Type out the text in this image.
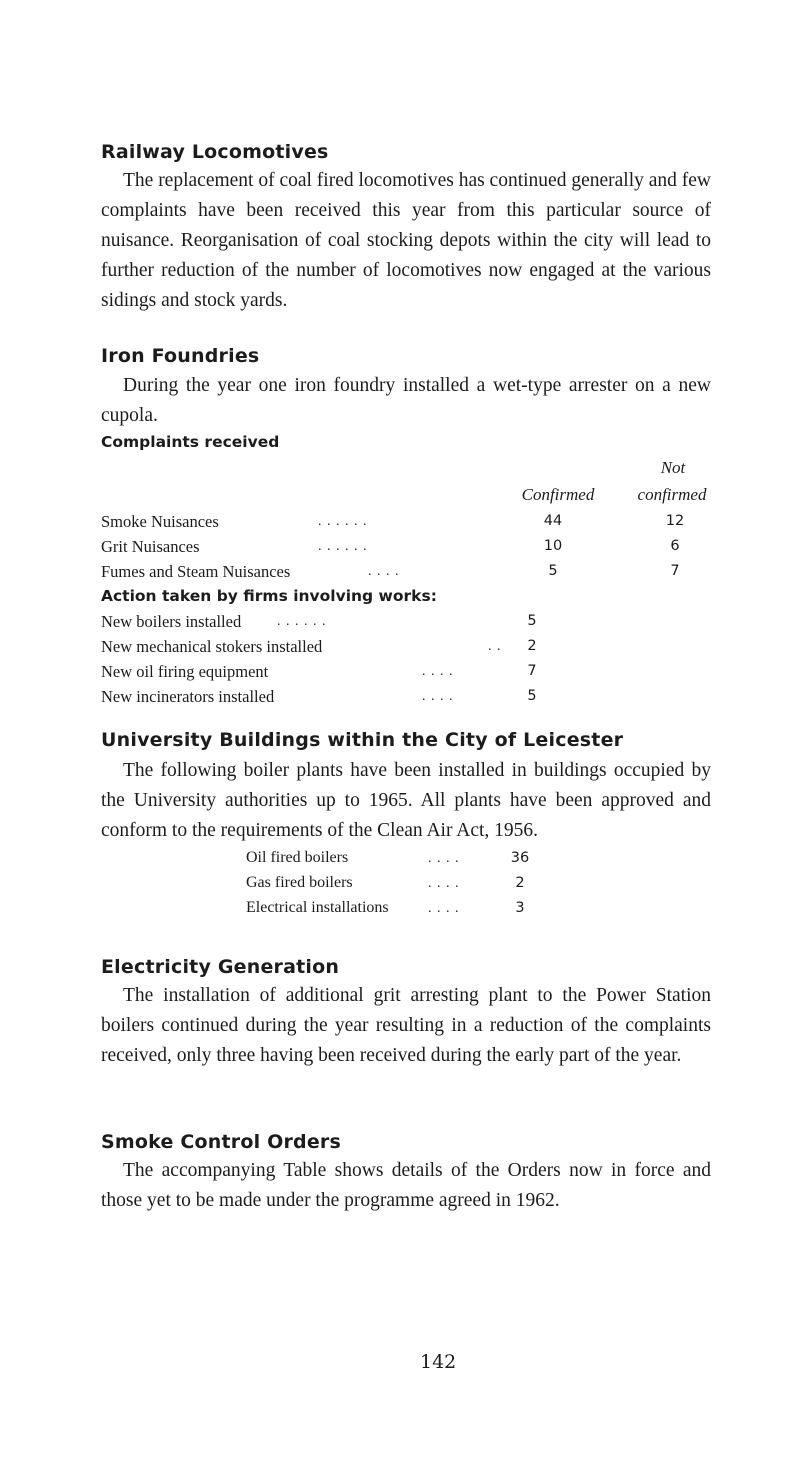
Railway Locomotives

The replacement of coal fired locomotives has continued generally and few complaints have been received this year from this particular source of nuisance. Reorganisation of coal stocking depots within the city will lead to further reduction of the number of locomotives now engaged at the various sidings and stock yards.

Iron Foundries

During the year one iron foundry installed a wet-type arrester on a new cupola.

Complaints received
Not
Confirmed	confirmed
Smoke Nuisances	. . . . . .	44	12
Grit Nuisances	. . . . . .	10	6
Fumes and Steam Nuisances	. . . .	5	7
Action taken by firms involving works:
New boilers installed	. . . . . .	5
New mechanical stokers installed	. .	2
New oil firing equipment	. . . .	7
New incinerators installed	. . . .	5
University Buildings within the City of Leicester

The following boiler plants have been installed in buildings occupied by the University authorities up to 1965. All plants have been approved and conform to the requirements of the Clean Air Act, 1956.

Oil fired boilers	. . . .	36
Gas fired boilers	. . . .	2
Electrical installations	. . . .	3
Electricity Generation

The installation of additional grit arresting plant to the Power Station boilers continued during the year resulting in a reduction of the complaints received, only three having been received during the early part of the year.

Smoke Control Orders

The accompanying Table shows details of the Orders now in force and those yet to be made under the programme agreed in 1962.

142
